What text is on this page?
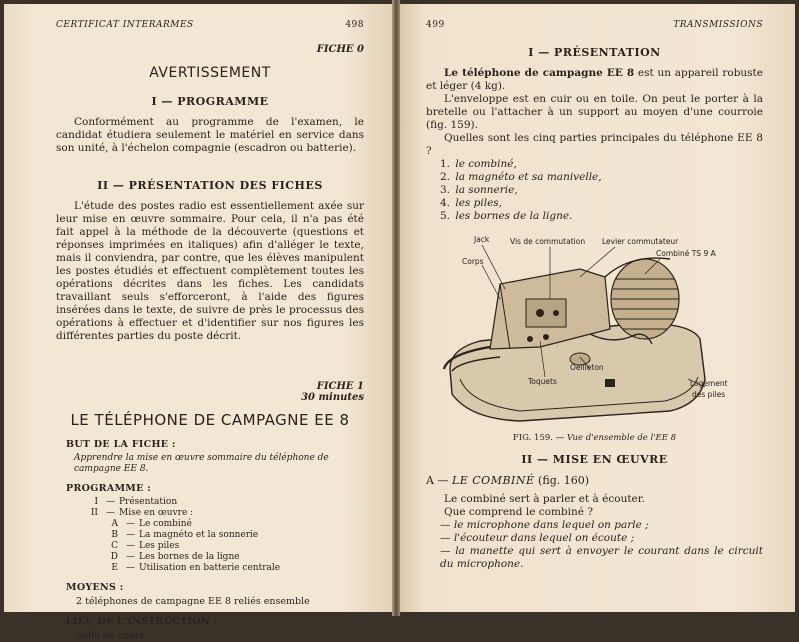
CERTIFICAT INTERARMES	498
FICHE 0
AVERTISSEMENT
I — PROGRAMME

Conformément au programme de l'examen, le candidat étudiera seulement le matériel en service dans son unité, à l'échelon compagnie (escadron ou batterie).

II — PRÉSENTATION DES FICHES

L'étude des postes radio est essentiellement axée sur leur mise en œuvre sommaire. Pour cela, il n'a pas été fait appel à la méthode de la découverte (questions et réponses imprimées en italiques) afin d'alléger le texte, mais il conviendra, par contre, que les élèves manipulent les postes étudiés et effectuent complètement toutes les opérations décrites dans les fiches. Les candidats travaillant seuls s'efforceront, à l'aide des figures insérées dans le texte, de suivre de près le processus des opérations à effectuer et d'identifier sur nos figures les différentes parties du poste décrit.

FICHE 1
30 minutes
LE TÉLÉPHONE DE CAMPAGNE EE 8
BUT DE LA FICHE :
Apprendre la mise en œuvre sommaire du téléphone de campagne EE 8.
PROGRAMME :
I — Présentation
II — Mise en œuvre :
A — Le combiné
B — La magnéto et la sonnerie
C — Les piles
D — Les bornes de la ligne
E — Utilisation en batterie centrale
MOYENS :
2 téléphones de campagne EE 8 reliés ensemble
LIEU DE L'INSTRUCTION :
Salle de cours
499	TRANSMISSIONS
I — PRÉSENTATION

Le téléphone de campagne EE 8 est un appareil robuste et léger (4 kg).

L'enveloppe est en cuir ou en toile. On peut le porter à la bretelle ou l'attacher à un support au moyen d'une courroie (fig. 159).

Quelles sont les cinq parties principales du téléphone EE 8 ?

1. le combiné,
2. la magnéto et sa manivelle,
3. la sonnerie,
4. les piles,
5. les bornes de la ligne.
Jack	Vis de commutation Levier commutateur
Combiné TS 9 A
Corps
Oeilleton
Toquets	Logement
des piles
FIG. 159. — Vue d'ensemble de l'EE 8
II — MISE EN ŒUVRE
A — LE COMBINÉ (fig. 160)

Le combiné sert à parler et à écouter.

Que comprend le combiné ?

— le microphone dans lequel on parle ;
— l'écouteur dans lequel on écoute ;
— la manette qui sert à envoyer le courant dans le circuit du microphone.
